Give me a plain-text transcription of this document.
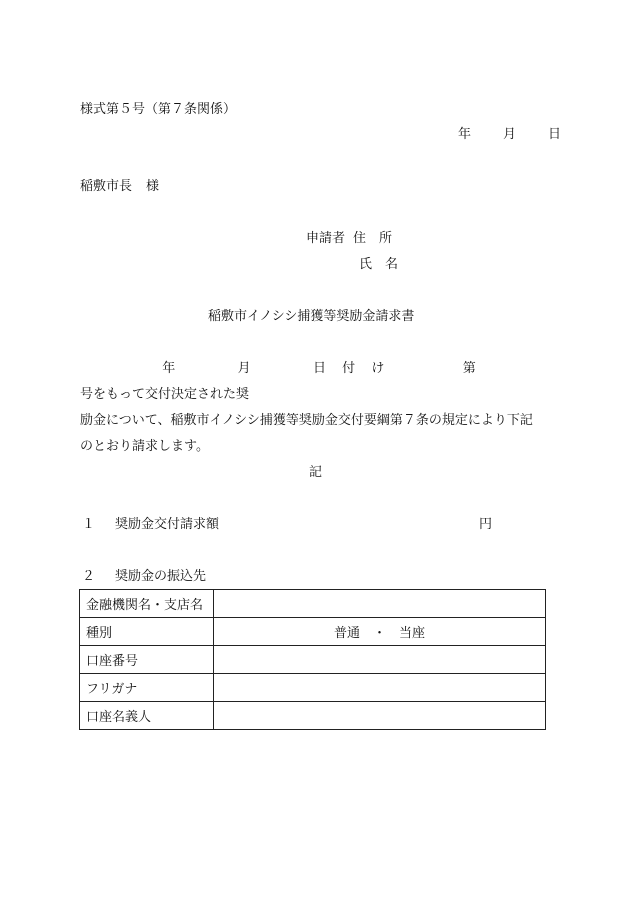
様式第５号（第７条関係）
年 月 日
稲敷市長 様
申請者 住　所
氏　名
稲敷市イノシシ捕獲等奨励金請求書
年 月 日付け	第号をもって交付決定された奨
励金について、稲敷市イノシシ捕獲等奨励金交付要綱第７条の規定により下記
のとおり請求します。
記
１ 奨励金交付請求額	円
２ 奨励金の振込先
金融機関名・支店名	
種別	普通　・　当座
口座番号	
フリガナ	
口座名義人	
